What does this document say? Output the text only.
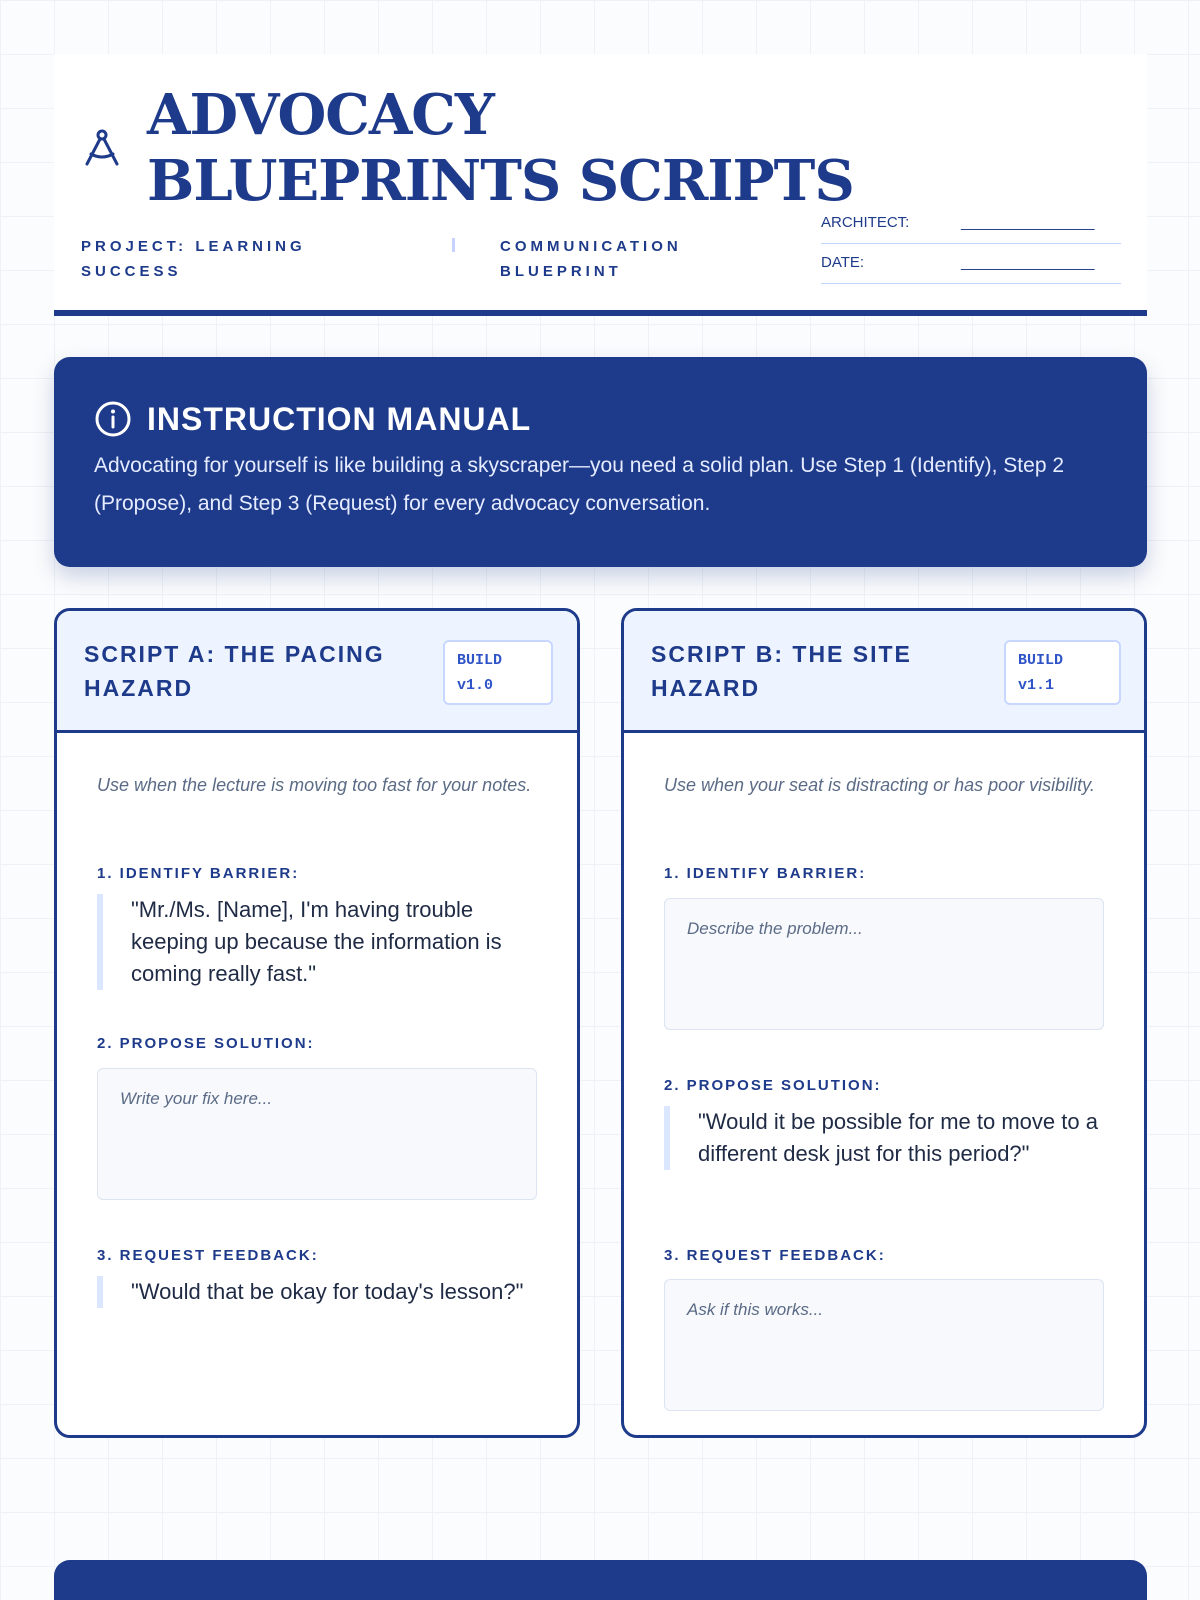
ADVOCACY
BLUEPRINTS SCRIPTS
PROJECT: LEARNING
SUCCESS
COMMUNICATION
BLUEPRINT
ARCHITECT:	________________
DATE:	________________
INSTRUCTION MANUAL
Advocating for yourself is like building a skyscraper—you need a solid plan. Use Step 1 (Identify), Step 2 (Propose), and Step 3 (Request) for every advocacy conversation.
SCRIPT A: THE PACING HAZARD
BUILD
v1.0
Use when the lecture is moving too fast for your notes.
1. IDENTIFY BARRIER:
"Mr./Ms. [Name], I'm having trouble keeping up because the information is coming really fast."
2. PROPOSE SOLUTION:
Write your fix here...
3. REQUEST FEEDBACK:
"Would that be okay for today's lesson?"
SCRIPT B: THE SITE HAZARD
BUILD
v1.1
Use when your seat is distracting or has poor visibility.
1. IDENTIFY BARRIER:
Describe the problem...
2. PROPOSE SOLUTION:
"Would it be possible for me to move to a different desk just for this period?"
3. REQUEST FEEDBACK:
Ask if this works...
